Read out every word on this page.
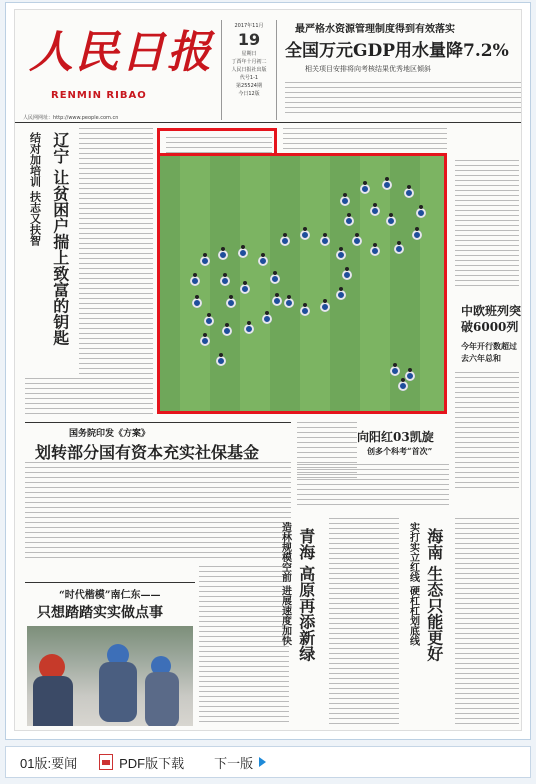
人民日报
RENMIN RIBAO
人民网网址：http://www.people.com.cn
2017年11月
19
星期日
丁酉年十月初二
人民日报社出版
代号1-1
第25524期
今日12版
最严格水资源管理制度得到有效落实
全国万元GDP用水量降7.2%
相关项目安排将向考核结果优秀地区倾斜
结对加培训 扶志又扶智 辽宁 让贫困户揣上致富的钥匙	中欧班列突破6000列
今年开行数超过去六年总和
向阳红03凯旋
创多个科考“首次”
国务院印发《方案》
划转部分国有资本充实社保基金
“时代楷模”南仁东——
只想踏踏实实做点事	造林规模空前 进展速度加快 青海 高原再添新绿	实打实立红线 硬杠杠划底线 海南 生态只能更好
01版:要闻	PDF版下载 下一版
